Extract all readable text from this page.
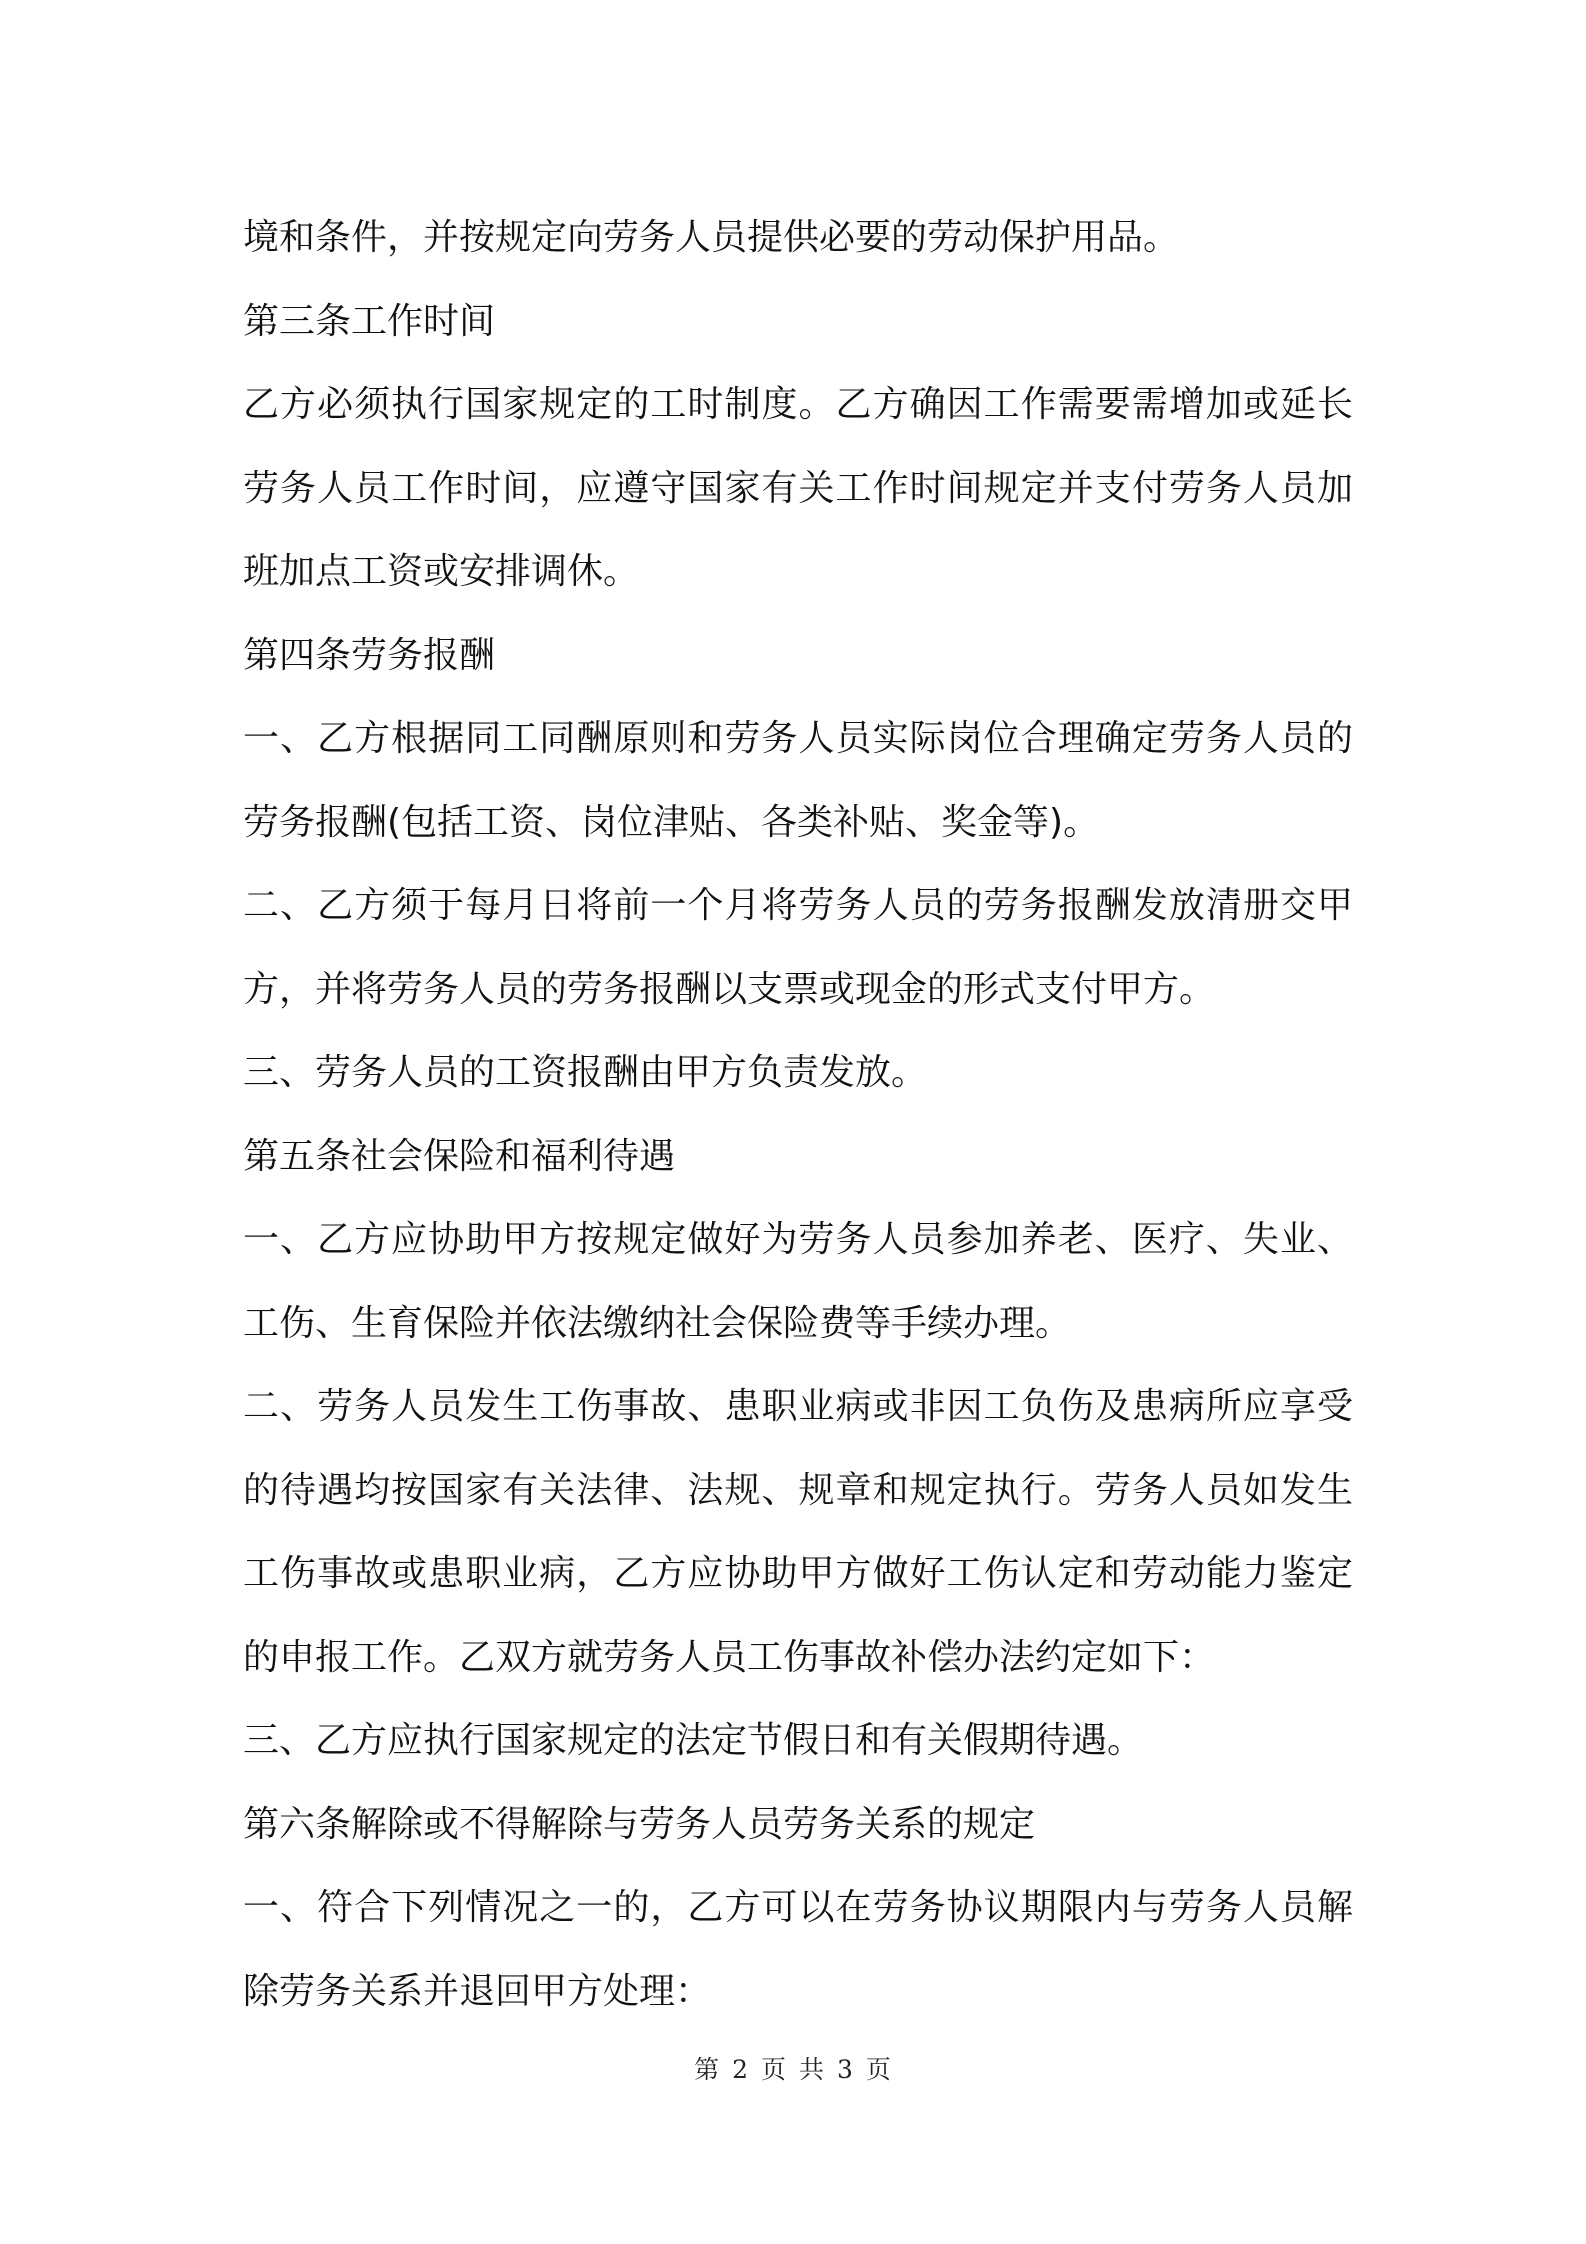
境和条件，并按规定向劳务人员提供必要的劳动保护用品。
第三条工作时间
乙方必须执行国家规定的工时制度。乙方确因工作需要需增加或延长
劳务人员工作时间，应遵守国家有关工作时间规定并支付劳务人员加
班加点工资或安排调休。
第四条劳务报酬
一、乙方根据同工同酬原则和劳务人员实际岗位合理确定劳务人员的
劳务报酬(包括工资、岗位津贴、各类补贴、奖金等)。
二、乙方须于每月日将前一个月将劳务人员的劳务报酬发放清册交甲
方，并将劳务人员的劳务报酬以支票或现金的形式支付甲方。
三、劳务人员的工资报酬由甲方负责发放。
第五条社会保险和福利待遇
一、乙方应协助甲方按规定做好为劳务人员参加养老、医疗、失业、
工伤、生育保险并依法缴纳社会保险费等手续办理。
二、劳务人员发生工伤事故、患职业病或非因工负伤及患病所应享受
的待遇均按国家有关法律、法规、规章和规定执行。劳务人员如发生
工伤事故或患职业病，乙方应协助甲方做好工伤认定和劳动能力鉴定
的申报工作。乙双方就劳务人员工伤事故补偿办法约定如下：
三、乙方应执行国家规定的法定节假日和有关假期待遇。
第六条解除或不得解除与劳务人员劳务关系的规定
一、符合下列情况之一的，乙方可以在劳务协议期限内与劳务人员解
除劳务关系并退回甲方处理：
第 2 页 共 3 页
